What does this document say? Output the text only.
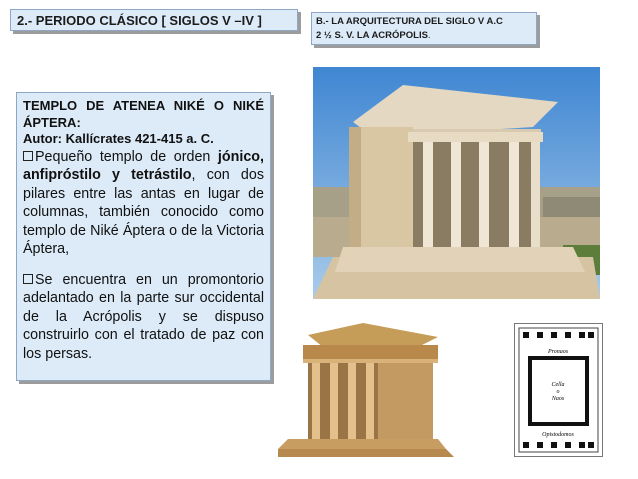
2.- PERIODO CLÁSICO [ SIGLOS V –IV ]	B.- LA ARQUITECTURA DEL SIGLO V A.C
2 ½ S. V. LA ACRÓPOLIS.
TEMPLO DE ATENEA NIKÉ O NIKÉ ÁPTERA:
Autor: Kallícrates 421-415 a. C.
Pequeño templo de orden jónico, anfipróstilo y tetrástilo, con dos pilares entre las antas en lugar de columnas, también conocido como templo de Niké Áptera o de la Victoria Áptera,
Se encuentra en un promontorio adelantado en la parte sur occidental de la Acrópolis y se dispuso construirlo con el tratado de paz con los persas.	Pronaos
Cella
o
Naos
Opistodomos
